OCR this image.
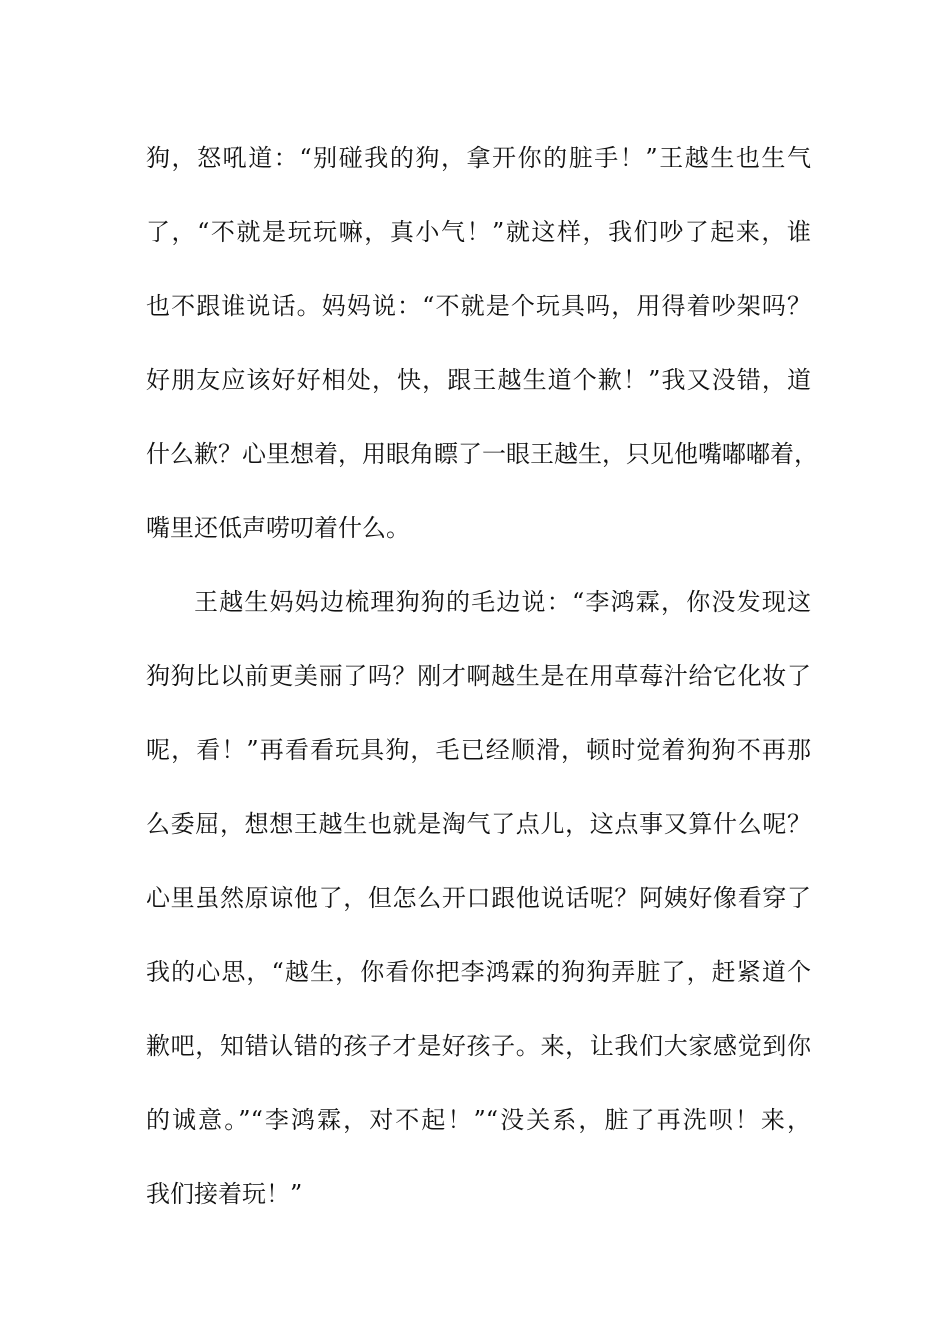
狗，怒吼道：“别碰我的狗，拿开你的脏手！”王越生也生气
了，“不就是玩玩嘛，真小气！”就这样，我们吵了起来，谁
也不跟谁说话。妈妈说：“不就是个玩具吗，用得着吵架吗？
好朋友应该好好相处，快，跟王越生道个歉！”我又没错，道
什么歉？心里想着，用眼角瞟了一眼王越生，只见他嘴嘟嘟着，
嘴里还低声唠叨着什么。
王越生妈妈边梳理狗狗的毛边说：“李鸿霖，你没发现这
狗狗比以前更美丽了吗？刚才啊越生是在用草莓汁给它化妆了
呢，看！”再看看玩具狗，毛已经顺滑，顿时觉着狗狗不再那
么委屈，想想王越生也就是淘气了点儿，这点事又算什么呢？
心里虽然原谅他了，但怎么开口跟他说话呢？阿姨好像看穿了
我的心思，“越生，你看你把李鸿霖的狗狗弄脏了，赶紧道个
歉吧，知错认错的孩子才是好孩子。来，让我们大家感觉到你
的诚意。”“李鸿霖，对不起！”“没关系，脏了再洗呗！来，
我们接着玩！”
